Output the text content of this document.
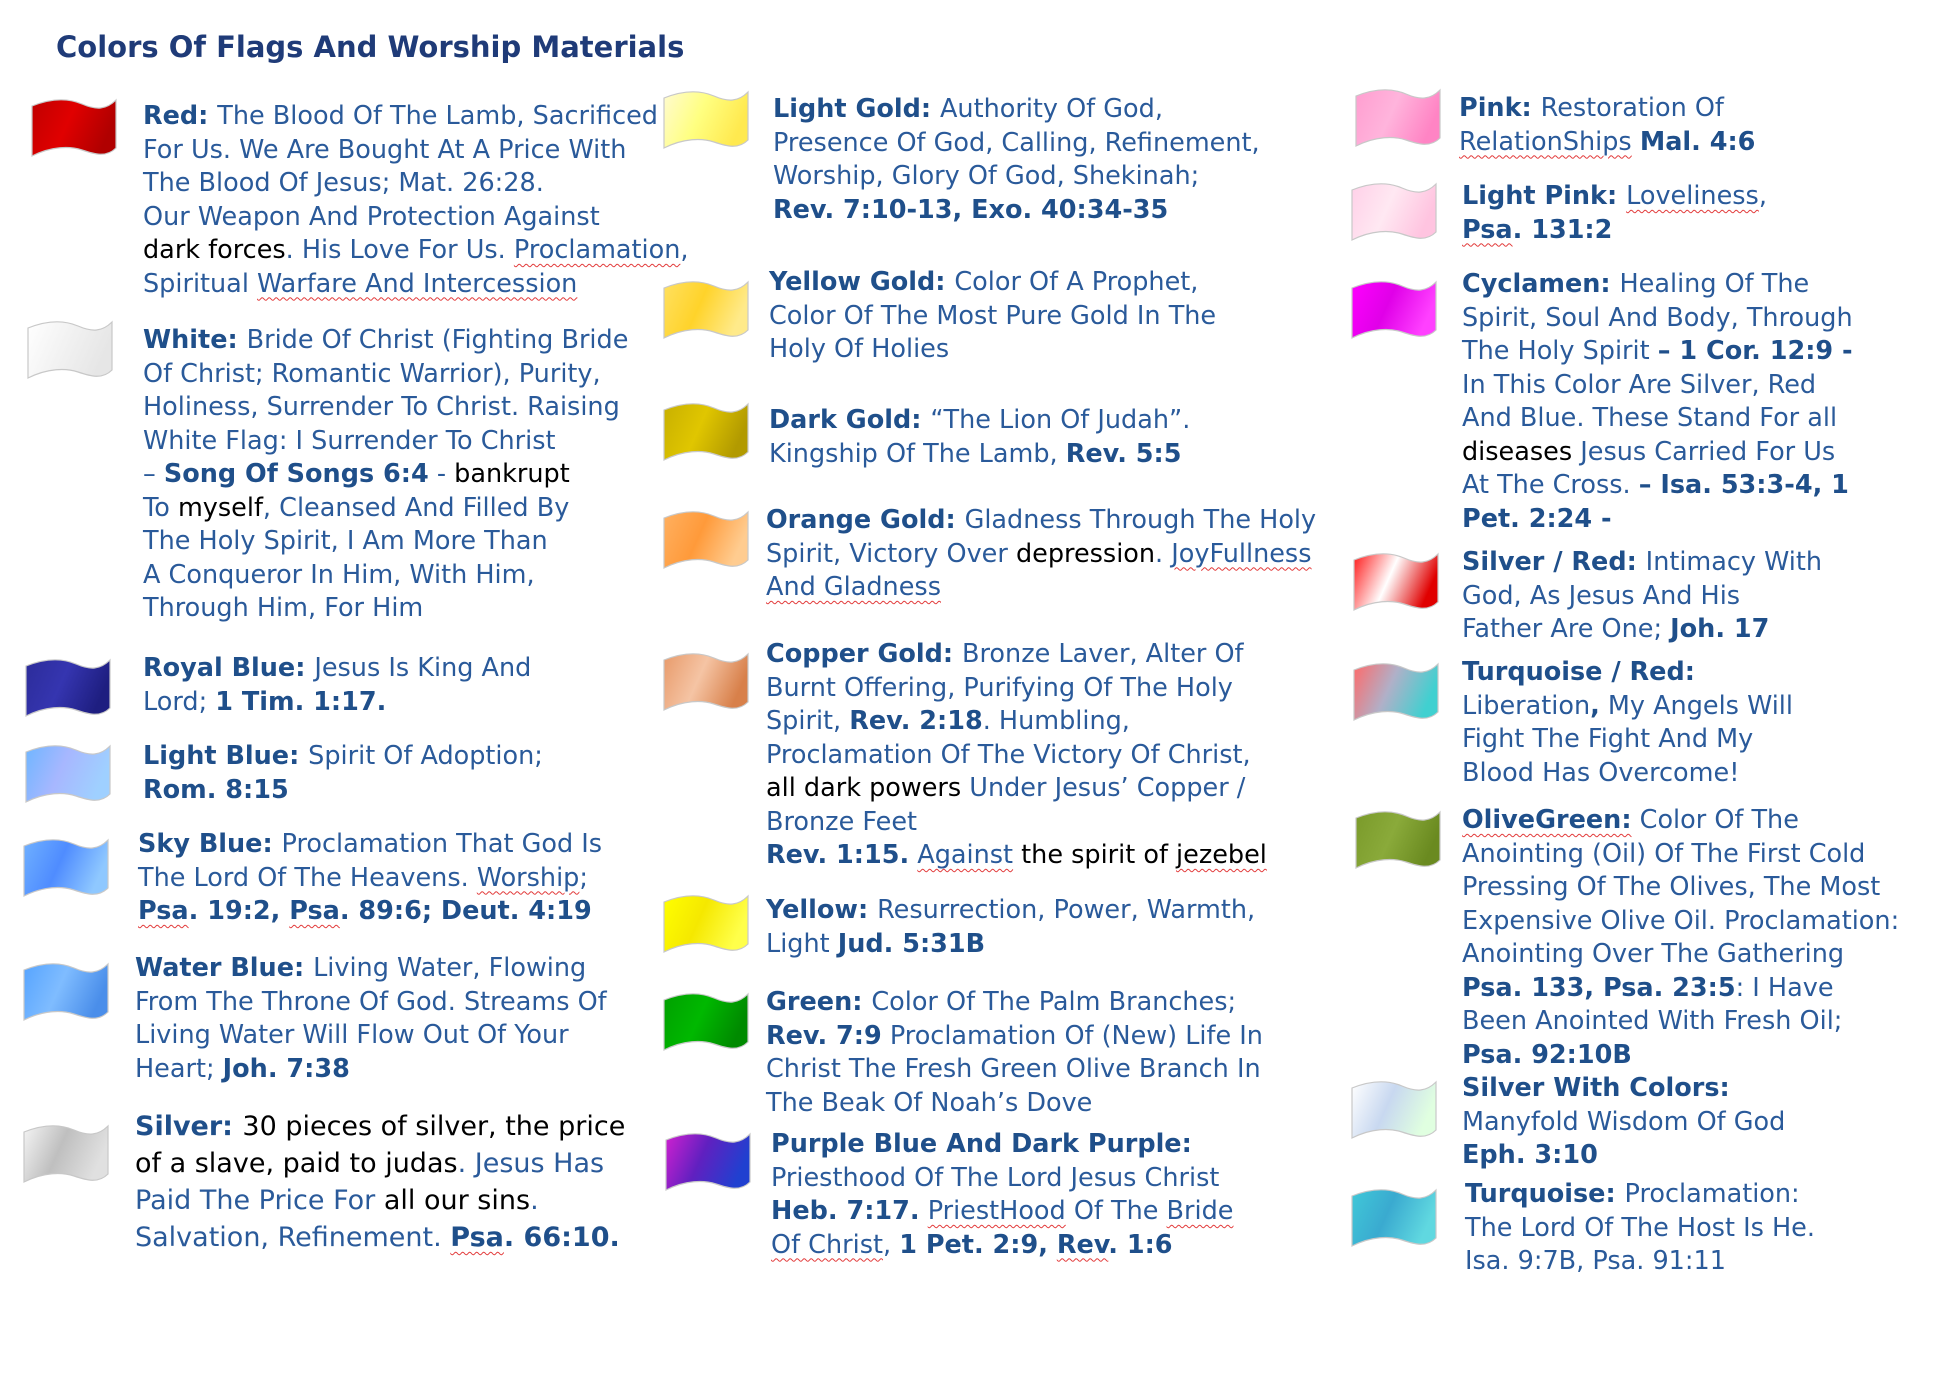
Colors Of Flags And Worship Materials
Red: The Blood Of The Lamb, Sacrificed
For Us. We Are Bought At A Price With
The Blood Of Jesus; Mat. 26:28.
Our Weapon And Protection Against
dark forces. His Love For Us. Proclamation,
Spiritual Warfare And Intercession
White: Bride Of Christ (Fighting Bride
Of Christ; Romantic Warrior), Purity,
Holiness, Surrender To Christ. Raising
White Flag: I Surrender To Christ
– Song Of Songs 6:4 - bankrupt
To myself, Cleansed And Filled By
The Holy Spirit, I Am More Than
A Conqueror In Him, With Him,
Through Him, For Him
Royal Blue: Jesus Is King And
Lord; 1 Tim. 1:17.
Light Blue: Spirit Of Adoption;
Rom. 8:15
Sky Blue: Proclamation That God Is
The Lord Of The Heavens. Worship;
Psa. 19:2, Psa. 89:6; Deut. 4:19
Water Blue: Living Water, Flowing
From The Throne Of God. Streams Of
Living Water Will Flow Out Of Your
Heart; Joh. 7:38
Silver: 30 pieces of silver, the price
of a slave, paid to judas. Jesus Has
Paid The Price For all our sins.
Salvation, Refinement. Psa. 66:10.
Light Gold: Authority Of God,
Presence Of God, Calling, Refinement,
Worship, Glory Of God, Shekinah;
Rev. 7:10-13, Exo. 40:34-35
Yellow Gold: Color Of A Prophet,
Color Of The Most Pure Gold In The
Holy Of Holies
Dark Gold: “The Lion Of Judah”.
Kingship Of The Lamb, Rev. 5:5
Orange Gold: Gladness Through The Holy
Spirit, Victory Over depression. JoyFullness
And Gladness
Copper Gold: Bronze Laver, Alter Of
Burnt Offering, Purifying Of The Holy
Spirit, Rev. 2:18. Humbling,
Proclamation Of The Victory Of Christ,
all dark powers Under Jesus’ Copper /
Bronze Feet
Rev. 1:15. Against the spirit of jezebel
Yellow: Resurrection, Power, Warmth,
Light Jud. 5:31B
Green: Color Of The Palm Branches;
Rev. 7:9 Proclamation Of (New) Life In
Christ The Fresh Green Olive Branch In
The Beak Of Noah’s Dove
Purple Blue And Dark Purple:
Priesthood Of The Lord Jesus Christ
Heb. 7:17. PriestHood Of The Bride
Of Christ, 1 Pet. 2:9, Rev. 1:6
Pink: Restoration Of
RelationShips Mal. 4:6
Light Pink: Loveliness,
Psa. 131:2
Cyclamen: Healing Of The
Spirit, Soul And Body, Through
The Holy Spirit – 1 Cor. 12:9 -
In This Color Are Silver, Red
And Blue. These Stand For all
diseases Jesus Carried For Us
At The Cross. – Isa. 53:3-4, 1
Pet. 2:24 -
Silver / Red: Intimacy With
God, As Jesus And His
Father Are One; Joh. 17
Turquoise / Red:
Liberation, My Angels Will
Fight The Fight And My
Blood Has Overcome!
OliveGreen: Color Of The
Anointing (Oil) Of The First Cold
Pressing Of The Olives, The Most
Expensive Olive Oil. Proclamation:
Anointing Over The Gathering
Psa. 133, Psa. 23:5: I Have
Been Anointed With Fresh Oil;
Psa. 92:10B
Silver With Colors:
Manyfold Wisdom Of God
Eph. 3:10
Turquoise: Proclamation:
The Lord Of The Host Is He.
Isa. 9:7B, Psa. 91:11
